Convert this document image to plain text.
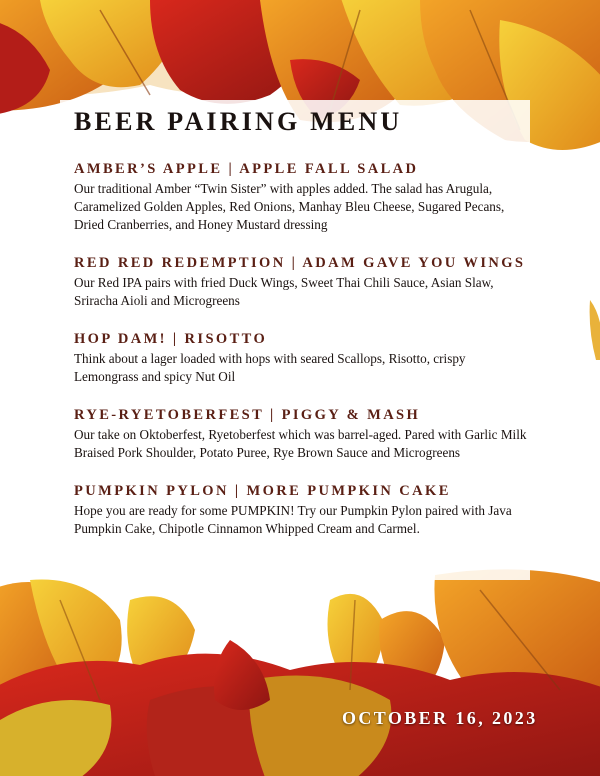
BEER PAIRING MENU
AMBER’S APPLE | APPLE FALL SALAD
Our traditional Amber “Twin Sister” with apples added. The salad has Arugula, Caramelized Golden Apples, Red Onions, Manhay Bleu Cheese, Sugared Pecans, Dried Cranberries, and Honey Mustard dressing
RED RED REDEMPTION | ADAM GAVE YOU WINGS
Our Red IPA pairs with fried Duck Wings, Sweet Thai Chili Sauce, Asian Slaw, Sriracha Aioli and Microgreens
HOP DAM! | RISOTTO
Think about a lager loaded with hops with seared Scallops, Risotto, crispy Lemongrass and spicy Nut Oil
RYE-RYETOBERFEST | PIGGY & MASH
Our take on Oktoberfest, Ryetoberfest which was barrel-aged. Pared with Garlic Milk Braised Pork Shoulder, Potato Puree, Rye Brown Sauce and Microgreens
PUMPKIN PYLON | MORE PUMPKIN CAKE
Hope you are ready for some PUMPKIN! Try our Pumpkin Pylon paired with Java Pumpkin Cake, Chipotle Cinnamon Whipped Cream and Carmel.
OCTOBER 16, 2023
